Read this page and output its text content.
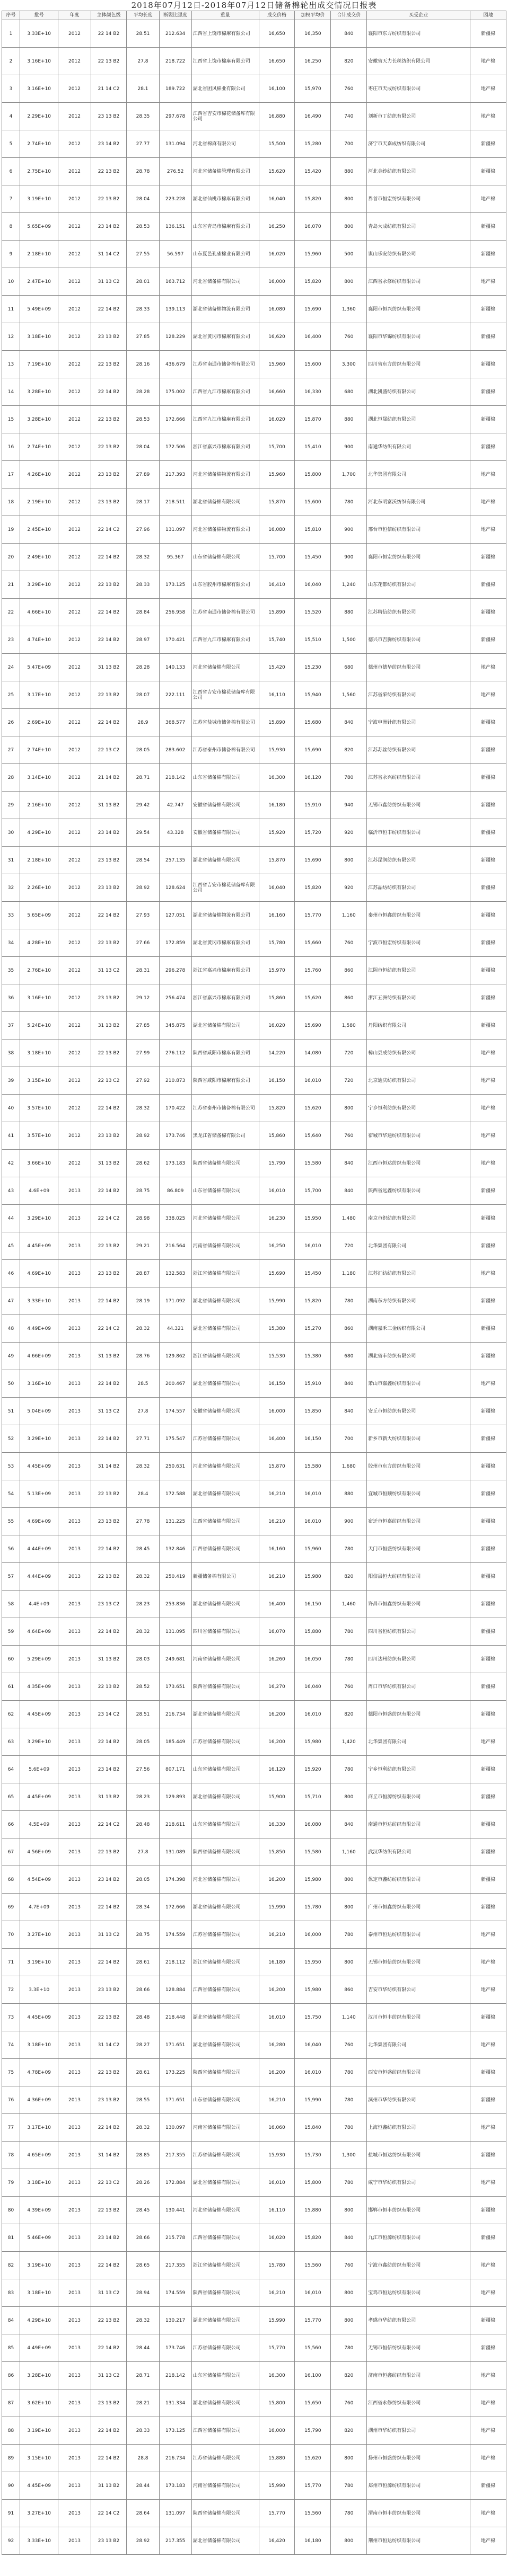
2018年07月12日-2018年07月12日储备棉轮出成交情况日报表
序号	批号	年度	主体颜色级	平均长度	断裂比强度	重量	成交价格	加权平均价	合计成交价	买受企业	园地
1	3.33E+10	2012	22 14 B2	28.51	212.634	江西省上饶市棉麻有限公司	16,650	16,350	840	襄阳市东方纺织有限公司	新疆棉
2	3.16E+10	2012	22 13 B2	27.8	218.722	江西省上饶市棉麻有限公司	16,650	16,250	820	安徽省天力长丝纺织有限公司	地产棉
3	3.16E+10	2012	21 14 C2	28.1	189.722	湖北省团风棉业有限公司	16,100	15,970	760	枣庄市天成纺织有限公司	地产棉
4	2.29E+10	2012	23 13 B2	28.35	297.678	江西省吉安市棉花储备库有限公司	16,880	16,490	740	刘新市丁纺织有限公司	地产棉
5	2.74E+10	2012	23 14 B2	27.77	131.094	河北省棉麻有限公司	15,500	15,280	700	济宁市天嘉成纺织有限公司	新疆棉
6	2.75E+10	2012	22 13 B2	28.78	276.52	河北省储备棉管理有限公司	15,620	15,420	880	河北金纱纺织有限公司	新疆棉
7	3.19E+10	2012	22 13 B2	28.04	223.228	湖北省仙桃市棉麻有限公司	16,040	15,820	800	界首市恒宏纺织有限公司	地产棉
8	5.65E+09	2012	23 14 B2	28.53	136.151	山东省青岛市棉麻有限公司	16,250	16,070	800	青岛大成纺织有限公司	新疆棉
9	2.18E+10	2012	31 14 C2	27.55	56.597	山东夏邑孔雀棉业有限公司	16,020	15,960	500	谋山乐安纺织有限公司	新疆棉
10	2.47E+10	2012	31 13 C2	28.01	163.712	河北省储备棉有限公司	16,000	15,820	800	江西省永修纺织有限公司	地产棉
11	5.49E+09	2012	22 14 B2	28.33	139.113	湖北省储备棉物流有限公司	16,080	15,690	1,360	襄阳市恒兴纺织有限公司	新疆棉
12	3.18E+10	2012	23 13 B2	27.85	128.229	湖北省黄冈市棉麻有限公司	16,620	16,400	760	襄阳市华锦纺织有限公司	新疆棉
13	7.19E+10	2012	22 13 B2	28.16	436.679	江苏省南通市储备棉有限公司	15,960	15,600	3,300	四川省东方纺织有限公司	新疆棉
14	3.28E+10	2012	22 14 B2	28.28	175.002	江西省九江市棉麻有限公司	16,660	16,330	680	湖北凯盛纺织有限公司	新疆棉
15	3.28E+10	2012	22 13 B2	28.53	172.666	江西省九江市棉麻有限公司	16,020	15,870	880	湖北恒晟纺织有限公司	新疆棉
16	2.74E+10	2012	22 13 B2	28.04	172.506	浙江省嘉兴市棉麻有限公司	15,700	15,410	900	南通华纺织有限公司	新疆棉
17	4.26E+10	2012	23 13 B2	27.89	217.393	河北省储备棉物流有限公司	15,960	15,800	1,700	北华集团有限公司	地产棉
18	2.19E+10	2012	23 13 B2	28.17	218.511	湖北省储备棉有限公司	15,870	15,600	780	河北东明富沃纺织有限公司	地产棉
19	2.45E+10	2012	22 14 C2	27.96	131.097	河北省储备棉物流有限公司	16,080	15,810	900	邢台市恒信纺织有限公司	地产棉
20	2.49E+10	2012	22 14 B2	28.32	95.367	山东省储备棉有限公司	15,700	15,450	900	襄阳市恒宏纺织有限公司	新疆棉
21	3.29E+10	2012	22 13 B2	28.33	173.125	山东省胶州市棉麻有限公司	16,410	16,040	1,240	山东花都纺织有限公司	新疆棉
22	4.66E+10	2012	22 14 B2	28.84	256.958	江苏省南通市储备棉有限公司	15,890	15,520	880	江苏精信纺织有限公司	新疆棉
23	4.74E+10	2012	22 14 B2	28.97	170.421	江西省九江市棉麻有限公司	15,740	15,510	1,500	德兴市吉腾纺织有限公司	新疆棉
24	5.47E+09	2012	31 13 B2	28.28	140.133	河北省储备棉有限公司	15,420	15,230	680	德州市德华纺织有限公司	地产棉
25	3.17E+10	2012	22 13 B2	28.07	222.111	江西省吉安市棉花储备库有限公司	16,110	15,940	1,560	江苏省采纺织有限公司	地产棉
26	2.69E+10	2012	22 14 B2	28.9	368.577	江苏省盐城市储备棉有限公司	15,890	15,680	840	宁波申洲针织有限公司	新疆棉
27	2.74E+10	2012	22 13 C2	28.05	283.602	江苏省泰州市储备棉有限公司	15,930	15,690	820	江苏苏丝纺织有限公司	新疆棉
28	3.14E+10	2012	21 14 B2	28.71	218.142	山东省储备棉有限公司	16,300	16,120	780	江苏省永兴纺织有限公司	新疆棉
29	2.16E+10	2012	31 13 B2	29.42	42.747	安徽省储备棉有限公司	16,180	15,910	940	无锡市鑫纺纺织有限公司	新疆棉
30	4.29E+10	2012	23 14 B2	29.54	43.328	安徽省储备棉有限公司	15,920	15,720	920	临沂市恒丰纺织有限公司	新疆棉
31	2.18E+10	2012	23 13 B2	28.54	257.135	湖北省储备棉有限公司	15,870	15,690	800	江苏昆润纺织有限公司	新疆棉
32	2.26E+10	2012	23 13 B2	28.92	128.624	江西省吉安市棉花储备库有限公司	16,040	15,820	920	江苏品纺纺织有限公司	新疆棉
33	5.65E+09	2012	22 14 B2	27.93	127.051	湖北省储备棉物流有限公司	16,160	15,770	1,160	秦州市恒鑫纺织有限公司	新疆棉
34	4.28E+10	2012	22 13 B2	27.66	172.859	湖北省黄冈市棉麻有限公司	15,780	15,660	760	宁波市恒宏纺织有限公司	新疆棉
35	2.76E+10	2012	31 13 C2	28.31	296.278	浙江省嘉兴市棉麻有限公司	15,970	15,760	860	江阴市恒纺织有限公司	新疆棉
36	3.16E+10	2012	23 13 B2	29.12	256.474	浙江省嘉兴市棉麻有限公司	15,860	15,620	860	浙江五洲纺织有限公司	新疆棉
37	5.24E+10	2012	31 13 B2	27.85	345.875	湖北省储备棉有限公司	16,020	15,690	1,580	丹阳纺织有限公司	新疆棉
38	3.18E+10	2012	22 13 B2	27.99	276.112	陕西省咸阳市棉麻有限公司	14,220	14,080	720	樟山县成纺织有限公司	地产棉
39	3.15E+10	2012	22 13 C2	27.92	210.873	陕西省咸阳市棉麻有限公司	16,150	16,010	720	北京迪庆纺织有限公司	地产棉
40	3.57E+10	2012	22 14 B2	28.32	170.422	江苏省泰州市储备棉有限公司	15,820	15,620	800	宁乡恒利纺织有限公司	地产棉
41	3.57E+10	2012	23 13 B2	28.92	173.746	黑龙江省储备棉有限公司	15,860	15,640	760	宿城市华通纺织有限公司	地产棉
42	3.66E+10	2012	31 13 B2	28.62	173.183	陕西省储备棉有限公司	15,790	15,580	840	江西市恒达纺织有限公司	地产棉
43	4.6E+09	2013	22 14 B2	28.75	86.809	山东省储备棉有限公司	16,010	15,700	840	陕西省远鑫纺织有限公司	新疆棉
44	3.29E+10	2013	22 14 C2	28.98	338.025	河北省储备棉有限公司	16,230	15,950	1,480	南京市织纺织有限公司	新疆棉
45	4.45E+09	2013	22 13 B2	29.21	216.564	河南省储备棉有限公司	16,250	16,010	720	北华集团有限公司	新疆棉
46	4.69E+10	2013	23 13 B2	28.87	132.583	浙江省储备棉有限公司	15,690	15,450	1,180	江苏汇纺纺织有限公司	地产棉
47	3.33E+10	2013	22 14 B2	28.19	171.092	湖北省储备棉有限公司	15,990	15,820	780	湖南东方纺织有限公司	新疆棉
48	4.49E+09	2013	22 14 C2	28.32	44.321	湖北省储备棉有限公司	15,380	15,270	860	湖南嘉禾三金纺织有限公司	新疆棉
49	4.66E+09	2013	31 13 B2	28.76	129.862	浙江省储备棉有限公司	15,530	15,380	680	湖北省丰纺织有限公司	新疆棉
50	3.16E+10	2013	22 14 B2	28.5	200.467	湖北省储备棉有限公司	16,150	15,910	840	萧山市嘉鑫纺织有限公司	地产棉
51	5.04E+09	2013	31 13 C2	27.8	174.557	安徽省储备棉有限公司	16,000	15,850	840	安丘市恒纺织有限公司	新疆棉
52	3.29E+10	2013	22 14 B2	27.71	175.547	江苏省储备棉有限公司	16,400	16,150	700	新乡市新大纺织有限公司	新疆棉
53	4.45E+09	2013	31 14 B2	28.32	250.631	河北省储备棉有限公司	15,870	15,580	1,680	胶州市东方纺织有限公司	新疆棉
54	5.13E+09	2013	22 13 B2	28.4	172.588	湖北省储备棉有限公司	16,210	16,010	880	宜城市恒顺纺织有限公司	新疆棉
55	4.69E+09	2013	23 13 B2	27.78	131.225	江西省储备棉有限公司	16,210	16,010	900	宿迁市恒嘉纺织有限公司	新疆棉
56	4.44E+09	2013	22 14 B2	28.45	132.846	江西省储备棉有限公司	16,160	15,960	780	天门市恒盛纺织有限公司	新疆棉
57	4.44E+09	2013	22 13 B2	28.32	250.419	新疆储备棉有限公司	16,210	15,980	820	阳信县恒大纺织有限公司	新疆棉
58	4.4E+09	2013	23 13 C2	28.23	253.836	湖北省储备棉有限公司	16,400	16,150	1,460	许昌市恒鑫纺织有限公司	新疆棉
59	4.64E+09	2013	22 14 B2	28.32	131.095	四川省储备棉有限公司	16,070	15,880	780	四川省恒纺织有限公司	新疆棉
60	5.29E+09	2013	31 13 B2	28.03	249.681	河南省储备棉有限公司	16,260	16,050	780	四川达州纺织有限公司	新疆棉
61	4.35E+09	2013	22 13 B2	28.52	173.651	陕西省储备棉有限公司	16,270	16,040	760	周口市华纺织有限公司	新疆棉
62	4.45E+09	2013	23 14 C2	28.51	216.734	湖北省储备棉有限公司	16,200	16,010	820	德阳市恒盛纺织有限公司	新疆棉
63	3.29E+10	2013	22 14 B2	28.05	185.449	江苏省储备棉有限公司	16,200	15,980	1,420	北华集团有限公司	地产棉
64	5.6E+09	2013	23 14 B2	27.56	807.171	山东省储备棉有限公司	16,120	15,920	780	宁乡恒利纺织有限公司	新疆棉
65	4.45E+09	2013	31 13 B2	28.23	129.893	湖北省储备棉有限公司	15,900	15,710	800	商丘市恒源纺织有限公司	新疆棉
66	4.5E+09	2013	22 14 C2	28.48	218.611	山东省储备棉有限公司	16,330	16,080	840	南通市恒达纺织有限公司	新疆棉
67	4.56E+09	2013	22 13 B2	27.8	131.089	陕西省储备棉有限公司	15,850	15,580	1,160	武汉华纺织有限公司	新疆棉
68	4.54E+09	2013	23 14 B2	28.05	174.398	河北省储备棉有限公司	16,200	15,980	800	保定市鑫纺纺织有限公司	新疆棉
69	4.7E+09	2013	22 14 B2	28.34	172.666	湖北省储备棉有限公司	15,990	15,780	800	广州市恒鑫纺织有限公司	新疆棉
70	3.27E+10	2013	31 13 C2	28.75	174.559	江苏省储备棉有限公司	16,210	16,000	780	泰州市恒达纺织有限公司	地产棉
71	3.19E+10	2013	22 14 B2	28.61	218.112	浙江省储备棉有限公司	16,180	15,950	800	无锡市恒信纺织有限公司	地产棉
72	3.3E+10	2013	23 13 B2	28.66	128.884	江西省储备棉有限公司	16,200	15,980	860	吉安市华纺织有限公司	地产棉
73	4.45E+09	2013	22 13 B2	28.48	218.448	湖北省储备棉有限公司	16,010	15,750	1,140	汉川市恒丰纺织有限公司	新疆棉
74	3.18E+10	2013	31 14 C2	28.27	171.651	湖北省储备棉有限公司	16,280	16,040	760	北华集团有限公司	地产棉
75	4.78E+09	2013	22 13 B2	28.61	173.225	陕西省储备棉有限公司	16,200	16,010	780	西安市恒盛纺织有限公司	新疆棉
76	4.36E+09	2013	23 13 B2	28.55	171.651	山东省储备棉有限公司	16,210	15,990	780	滨州市华纺织有限公司	新疆棉
77	3.17E+10	2013	22 14 B2	28.32	130.097	河南省储备棉有限公司	16,060	15,840	780	上海恒鑫纺织有限公司	地产棉
78	4.65E+09	2013	31 14 B2	28.85	217.355	江苏省储备棉有限公司	15,930	15,730	1,300	盐城市恒达纺织有限公司	新疆棉
79	3.18E+10	2013	22 13 C2	28.26	172.884	湖北省储备棉有限公司	16,010	15,800	780	咸宁市华纺织有限公司	地产棉
80	4.39E+09	2013	22 13 B2	28.45	130.441	河北省储备棉有限公司	16,110	15,880	800	邯郸市恒丰纺织有限公司	新疆棉
81	5.46E+09	2013	23 14 B2	28.66	215.778	江西省储备棉有限公司	16,020	15,820	840	九江市恒源纺织有限公司	新疆棉
82	3.19E+10	2013	22 14 B2	28.65	217.355	浙江省储备棉有限公司	15,780	15,560	760	宁波市鑫纺纺织有限公司	地产棉
83	3.18E+10	2013	31 13 C2	28.94	174.559	陕西省储备棉有限公司	16,210	16,010	800	宝鸡市恒达纺织有限公司	地产棉
84	4.29E+10	2013	22 13 B2	28.32	130.217	湖北省储备棉有限公司	15,990	15,770	800	孝感市华纺织有限公司	新疆棉
85	4.49E+09	2013	22 14 B2	28.44	173.746	江苏省储备棉有限公司	15,770	15,560	780	无锡市恒信纺织有限公司	新疆棉
86	3.28E+10	2013	31 13 C2	28.71	218.142	山东省储备棉有限公司	16,300	16,100	820	济南市恒鑫纺织有限公司	地产棉
87	3.62E+10	2013	23 13 B2	28.21	131.334	湖北省储备棉有限公司	15,800	15,650	760	江西省永修纺织有限公司	地产棉
88	3.19E+10	2013	22 14 B2	28.33	173.125	江西省储备棉有限公司	16,000	15,790	820	湖州市华纺织有限公司	地产棉
89	3.15E+10	2013	22 14 B2	28.8	216.734	江苏省储备棉有限公司	15,880	15,620	800	扬州市恒盛纺织有限公司	地产棉
90	4.45E+09	2013	31 13 B2	28.44	173.183	河南省储备棉有限公司	15,990	15,770	780	郑州市恒源纺织有限公司	新疆棉
91	3.27E+10	2013	22 14 C2	28.64	131.097	陕西省储备棉有限公司	15,770	15,560	780	渭南市恒丰纺织有限公司	地产棉
92	3.33E+10	2013	23 13 B2	28.92	217.355	湖北省储备棉有限公司	16,420	16,180	800	荆州市恒达纺织有限公司	地产棉
